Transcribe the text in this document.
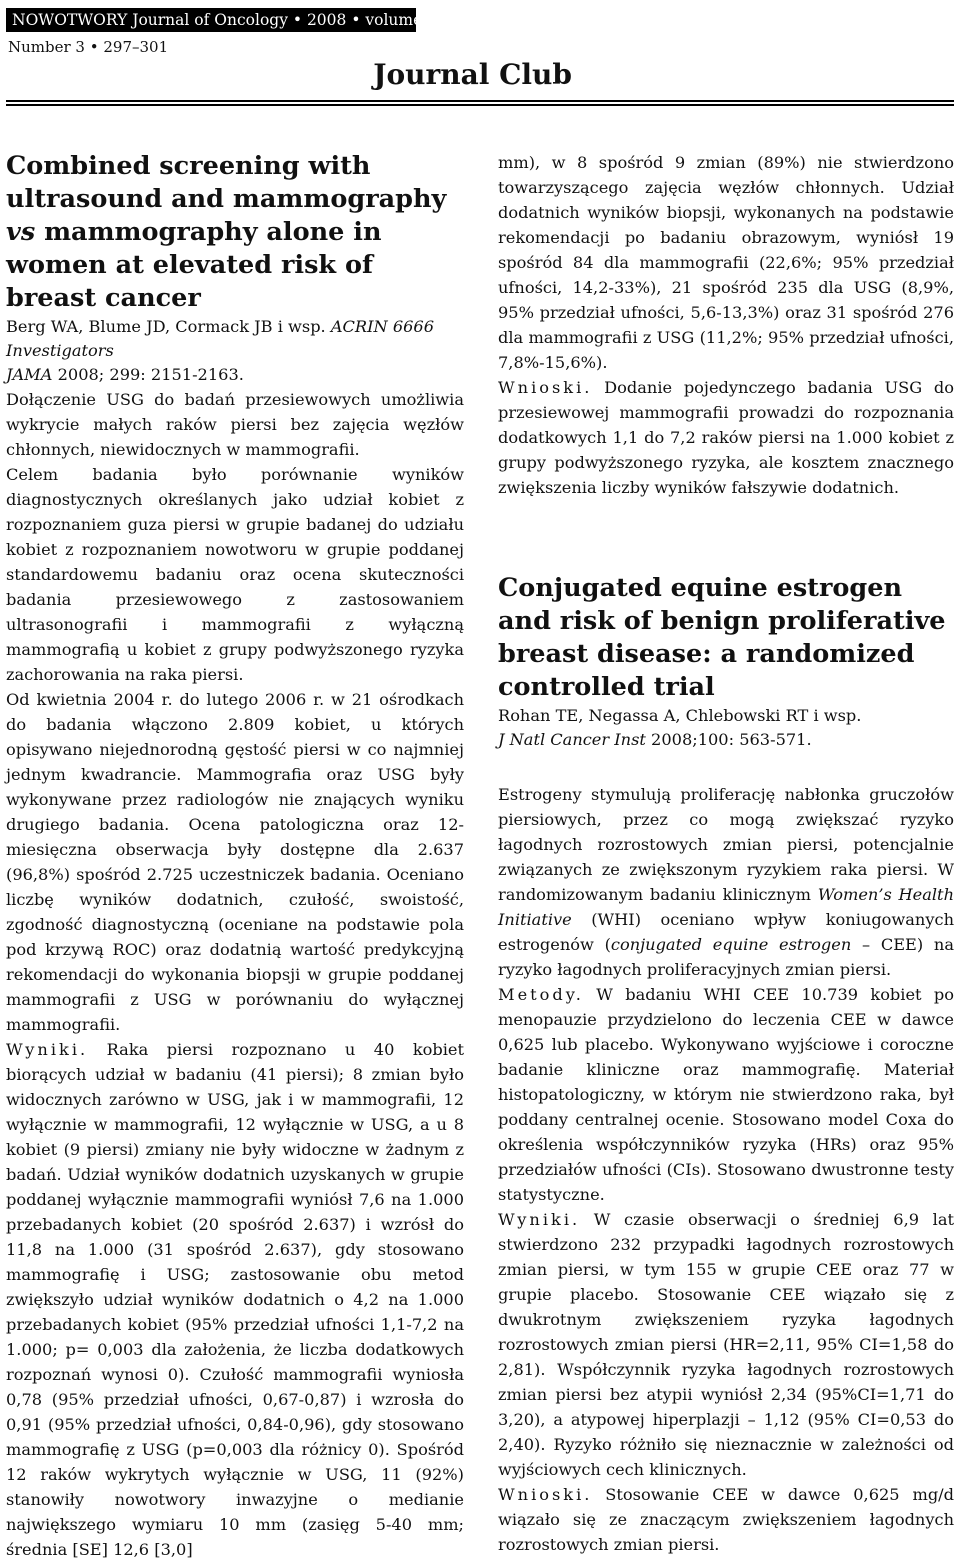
NOWOTWORY Journal of Oncology • 2008 • volume 58
Number 3 • 297–301
Journal Club
Combined screening with ultrasound and mammography vs mammography alone in women at elevated risk of breast cancer

Berg WA, Blume JD, Cormack JB i wsp. ACRIN 6666 Investigators

JAMA 2008; 299: 2151-2163.

Dołączenie USG do badań przesiewowych umożliwia wykrycie małych raków piersi bez zajęcia węzłów chłonnych, niewidocznych w mammografii.

Celem badania było porównanie wyników diagnostycznych określanych jako udział kobiet z rozpoznaniem guza piersi w grupie badanej do udziału kobiet z rozpoznaniem nowotworu w grupie poddanej standardowemu badaniu oraz ocena skuteczności badania przesiewowego z zastosowaniem ultrasonografii i mammografii z wyłączną mammografią u kobiet z grupy podwyższonego ryzyka zachorowania na raka piersi.

Od kwietnia 2004 r. do lutego 2006 r. w 21 ośrodkach do badania włączono 2.809 kobiet, u których opisywano niejednorodną gęstość piersi w co najmniej jednym kwadrancie. Mammografia oraz USG były wykonywane przez radiologów nie znających wyniku drugiego badania. Ocena patologiczna oraz 12-miesięczna obserwacja były dostępne dla 2.637 (96,8%) spośród 2.725 uczestniczek badania. Oceniano liczbę wyników dodatnich, czułość, swoistość, zgodność diagnostyczną (oceniane na podstawie pola pod krzywą ROC) oraz dodatnią wartość predykcyjną rekomendacji do wykonania biopsji w grupie poddanej mammografii z USG w porównaniu do wyłącznej mammografii.

Wyniki. Raka piersi rozpoznano u 40 kobiet biorących udział w badaniu (41 piersi); 8 zmian było widocznych zarówno w USG, jak i w mammografii, 12 wyłącznie w mammografii, 12 wyłącznie w USG, a u 8 kobiet (9 piersi) zmiany nie były widoczne w żadnym z badań. Udział wyników dodatnich uzyskanych w grupie poddanej wyłącznie mammografii wyniósł 7,6 na 1.000 przebadanych kobiet (20 spośród 2.637) i wzrósł do 11,8 na 1.000 (31 spośród 2.637), gdy stosowano mammografię i USG; zastosowanie obu metod zwiększyło udział wyników dodatnich o 4,2 na 1.000 przebadanych kobiet (95% przedział ufności 1,1-7,2 na 1.000; p= 0,003 dla założenia, że liczba dodatkowych rozpoznań wynosi 0). Czułość mammografii wyniosła 0,78 (95% przedział ufności, 0,67-0,87) i wzrosła do 0,91 (95% przedział ufności, 0,84-0,96), gdy stosowano mammografię z USG (p=0,003 dla różnicy 0). Spośród 12 raków wykrytych wyłącznie w USG, 11 (92%) stanowiły nowotwory inwazyjne o medianie największego wymiaru 10 mm (zasięg 5-40 mm; średnia [SE] 12,6 [3,0]

mm), w 8 spośród 9 zmian (89%) nie stwierdzono towarzyszącego zajęcia węzłów chłonnych. Udział dodatnich wyników biopsji, wykonanych na podstawie rekomendacji po badaniu obrazowym, wyniósł 19 spośród 84 dla mammografii (22,6%; 95% przedział ufności, 14,2-33%), 21 spośród 235 dla USG (8,9%, 95% przedział ufności, 5,6-13,3%) oraz 31 spośród 276 dla mammografii z USG (11,2%; 95% przedział ufności, 7,8%-15,6%).

Wnioski. Dodanie pojedynczego badania USG do przesiewowej mammografii prowadzi do rozpoznania dodatkowych 1,1 do 7,2 raków piersi na 1.000 kobiet z grupy podwyższonego ryzyka, ale kosztem znacznego zwiększenia liczby wyników fałszywie dodatnich.

Conjugated equine estrogen and risk of benign proliferative breast disease: a randomized controlled trial

Rohan TE, Negassa A, Chlebowski RT i wsp.

J Natl Cancer Inst 2008;100: 563-571.

Estrogeny stymulują proliferację nabłonka gruczołów piersiowych, przez co mogą zwiększać ryzyko łagodnych rozrostowych zmian piersi, potencjalnie związanych ze zwiększonym ryzykiem raka piersi. W randomizowanym badaniu klinicznym Women’s Health Initiative (WHI) oceniano wpływ koniugowanych estrogenów (conjugated equine estrogen – CEE) na ryzyko łagodnych proliferacyjnych zmian piersi.

Metody. W badaniu WHI CEE 10.739 kobiet po menopauzie przydzielono do leczenia CEE w dawce 0,625 lub placebo. Wykonywano wyjściowe i coroczne badanie kliniczne oraz mammografię. Materiał histopatologiczny, w którym nie stwierdzono raka, był poddany centralnej ocenie. Stosowano model Coxa do określenia współczynników ryzyka (HRs) oraz 95% przedziałów ufności (CIs). Stosowano dwustronne testy statystyczne.

Wyniki. W czasie obserwacji o średniej 6,9 lat stwierdzono 232 przypadki łagodnych rozrostowych zmian piersi, w tym 155 w grupie CEE oraz 77 w grupie placebo. Stosowanie CEE wiązało się z dwukrotnym zwiększeniem ryzyka łagodnych rozrostowych zmian piersi (HR=2,11, 95% CI=1,58 do 2,81). Współczynnik ryzyka łagodnych rozrostowych zmian piersi bez atypii wyniósł 2,34 (95%CI=1,71 do 3,20), a atypowej hiperplazji – 1,12 (95% CI=0,53 do 2,40). Ryzyko różniło się nieznacznie w zależności od wyjściowych cech klinicznych.

Wnioski. Stosowanie CEE w dawce 0,625 mg/d wiązało się ze znaczącym zwiększeniem łagodnych rozrostowych zmian piersi.
